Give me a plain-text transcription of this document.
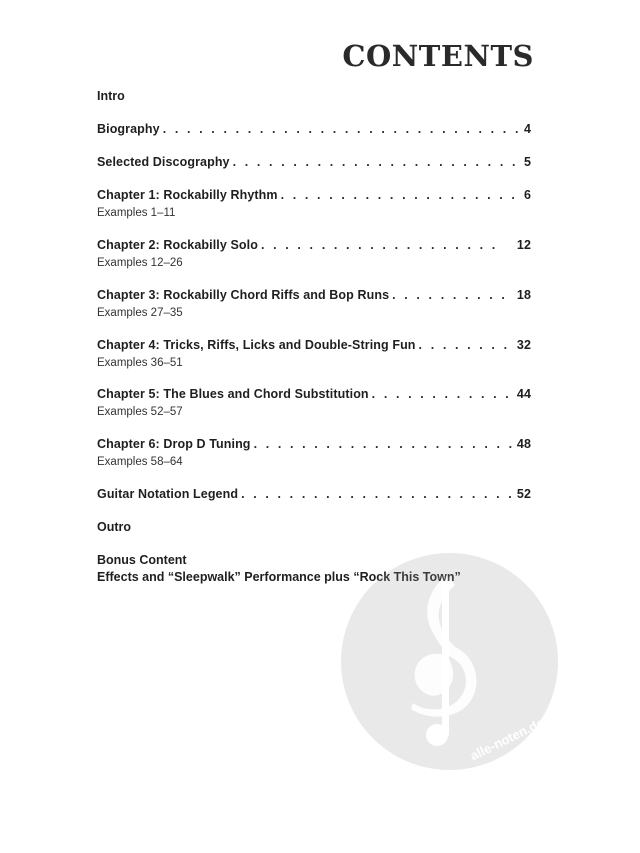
CONTENTS
Intro
Biography . . .	4
Selected Discography . . .	5
Chapter 1: Rockabilly Rhythm . . .	6
Examples 1–11
Chapter 2: Rockabilly Solo . . .	12
Examples 12–26
Chapter 3: Rockabilly Chord Riffs and Bop Runs . . .	18
Examples 27–35
Chapter 4: Tricks, Riffs, Licks and Double-String Fun . . .	32
Examples 36–51
Chapter 5: The Blues and Chord Substitution . . .	44
Examples 52–57
Chapter 6: Drop D Tuning . . .	48
Examples 58–64
Guitar Notation Legend . . .	52
Outro
Bonus Content
Effects and “Sleepwalk” Performance plus “Rock This Town”
alle-noten.de
